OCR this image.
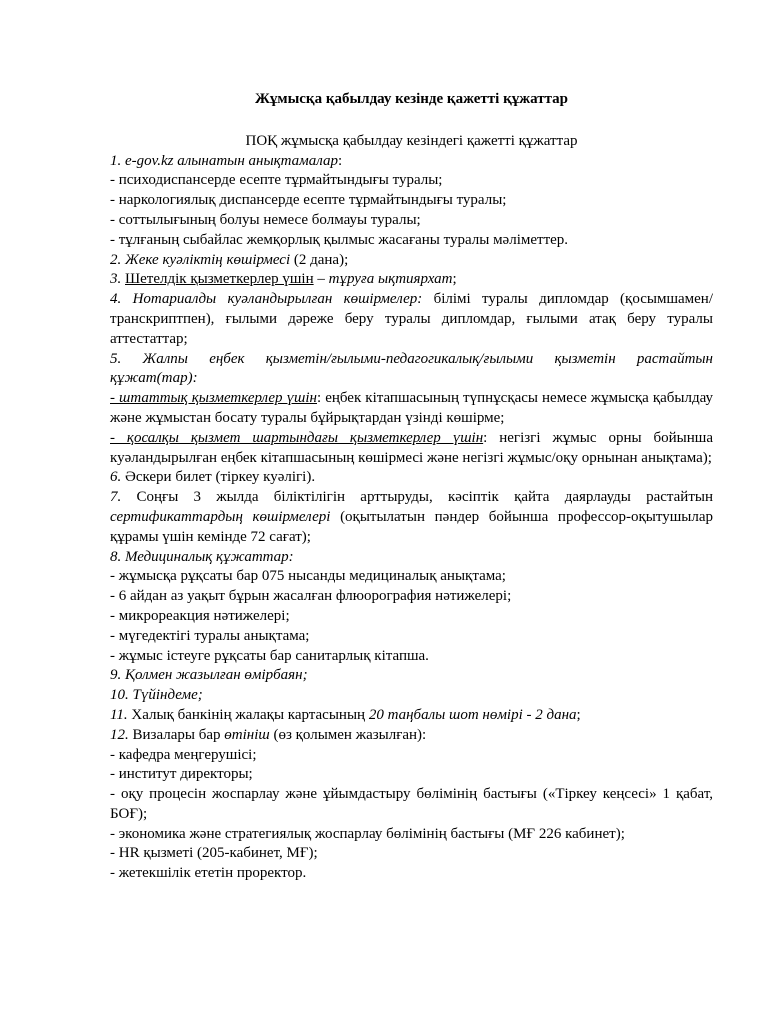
Жұмысқа қабылдау кезінде қажетті құжаттар
ПОҚ жұмысқа қабылдау кезіндегі қажетті құжаттар
1. e-gov.kz алынатын анықтамалар:
- психодиспансерде есепте тұрмайтындығы туралы;
- наркологиялық диспансерде есепте тұрмайтындығы туралы;
- соттылығының болуы немесе болмауы туралы;
- тұлғаның сыбайлас жемқорлық қылмыс жасағаны туралы мәліметтер.
2. Жеке куәліктің көшірмесі (2 дана);
3. Шетелдік қызметкерлер үшін – тұруға ықтиярхат;
4. Нотариалды куәландырылған көшірмелер: білімі туралы дипломдар (қосымшамен/транскриптпен), ғылыми дәреже беру туралы дипломдар, ғылыми атақ беру туралы аттестаттар;
5. Жалпы еңбек қызметін/ғылыми-педагогикалық/ғылыми қызметін растайтын құжат(тар):
- штаттық қызметкерлер үшін: еңбек кітапшасының түпнұсқасы немесе жұмысқа қабылдау және жұмыстан босату туралы бұйрықтардан үзінді көшірме;
- қосалқы қызмет шартындағы қызметкерлер үшін: негізгі жұмыс орны бойынша куәландырылған еңбек кітапшасының көшірмесі және негізгі жұмыс/оқу орнынан анықтама);
6. Әскери билет (тіркеу куәлігі).
7. Соңғы 3 жылда біліктілігін арттыруды, кәсіптік қайта даярлауды растайтын сертификаттардың көшірмелері (оқытылатын пәндер бойынша профессор-оқытушылар құрамы үшін кемінде 72 сағат);
8. Медициналық құжаттар:
- жұмысқа рұқсаты бар 075 нысанды медициналық анықтама;
- 6 айдан аз уақыт бұрын жасалған флюорография нәтижелері;
- микрореакция нәтижелері;
- мүгедектігі туралы анықтама;
- жұмыс істеуге рұқсаты бар санитарлық кітапша.
9. Қолмен жазылған өмірбаян;
10. Түйіндеме;
11. Халық банкінің жалақы картасының 20 таңбалы шот нөмірі - 2 дана;
12. Визалары бар өтініш (өз қолымен жазылған):
- кафедра меңгерушісі;
- институт директоры;
- оқу процесін жоспарлау және ұйымдастыру бөлімінің бастығы («Тіркеу кеңсесі» 1 қабат, БОҒ);
- экономика және стратегиялық жоспарлау бөлімінің бастығы (МҒ 226 кабинет);
- HR қызметі (205-кабинет, МҒ);
- жетекшілік ететін проректор.
